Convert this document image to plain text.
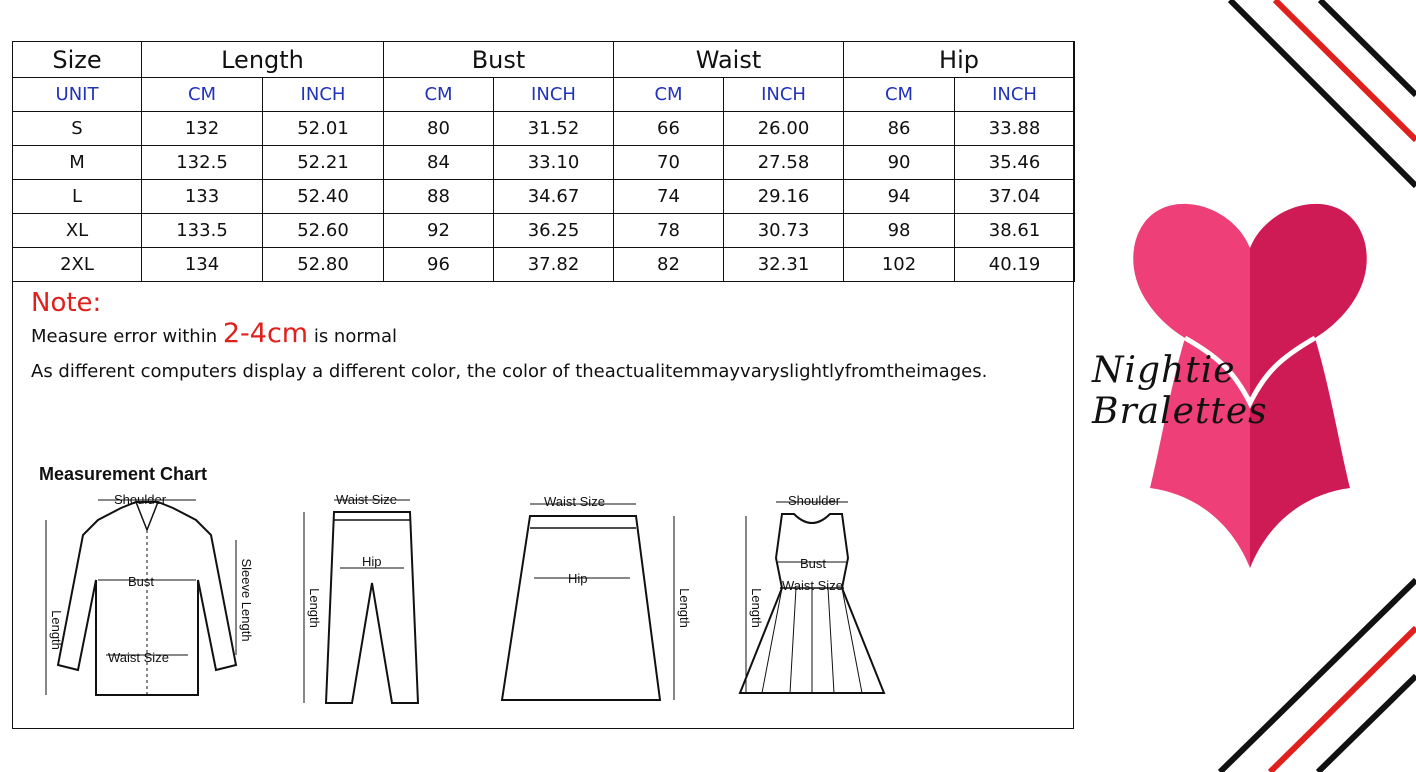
Nightie Bralettes
Size	Length		Bust		Waist		Hip	
UNIT	CM	INCH	CM	INCH	CM	INCH	CM	INCH
S	132	52.01	80	31.52	66	26.00	86	33.88
M	132.5	52.21	84	33.10	70	27.58	90	35.46
L	133	52.40	88	34.67	74	29.16	94	37.04
XL	133.5	52.60	92	36.25	78	30.73	98	38.61
2XL	134	52.80	96	37.82	82	32.31	102	40.19
Note:
Measure error within 2-4cm is normal
As different computers display a different color, the color of theactualitemmayvaryslightlyfromtheimages.
Measurement Chart
Shoulder
Bust
Waist Size
Length	Sleeve Length
Waist Size
Hip
Length
Waist Size
Hip
Length
Shoulder
Bust
Waist Size
Length
